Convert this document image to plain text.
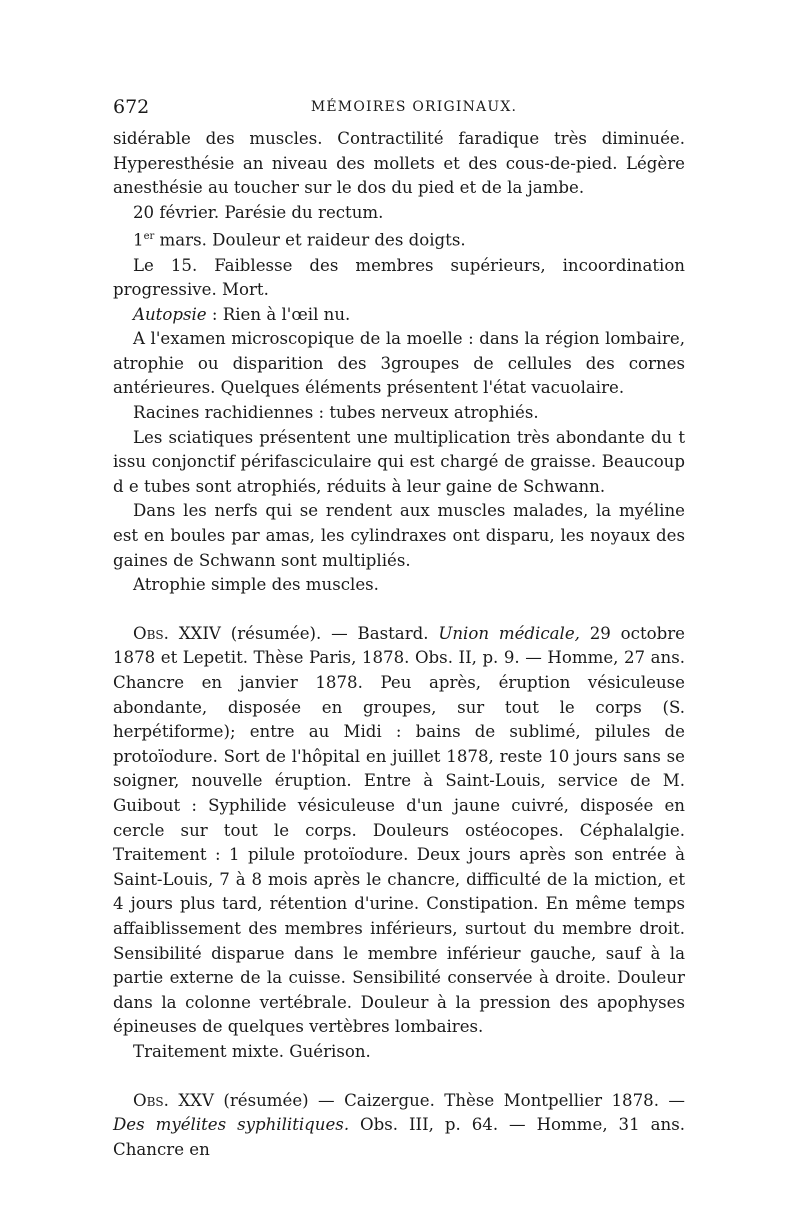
672	MÉMOIRES ORIGINAUX.

sidérable des muscles. Contractilité faradique très diminuée. Hyperesthésie an niveau des mollets et des cous-de-pied. Légère anesthésie au toucher sur le dos du pied et de la jambe.

20 février. Parésie du rectum.

1er mars. Douleur et raideur des doigts.

Le 15. Faiblesse des membres supérieurs, incoordination progressive. Mort.

Autopsie : Rien à l'œil nu.

A l'examen microscopique de la moelle : dans la région lombaire, atrophie ou disparition des 3groupes de cellules des cornes antérieures. Quelques éléments présentent l'état vacuolaire.

Racines rachidiennes : tubes nerveux atrophiés.

Les sciatiques présentent une multiplication très abondante du t issu conjonctif périfasciculaire qui est chargé de graisse. Beaucoup d e tubes sont atrophiés, réduits à leur gaine de Schwann.

Dans les nerfs qui se rendent aux muscles malades, la myéline est en boules par amas, les cylindraxes ont disparu, les noyaux des gaines de Schwann sont multipliés.

Atrophie simple des muscles.

Obs. XXIV (résumée). — Bastard. Union médicale, 29 octobre 1878 et Lepetit. Thèse Paris, 1878. Obs. II, p. 9. — Homme, 27 ans. Chancre en janvier 1878. Peu après, éruption vésiculeuse abondante, disposée en groupes, sur tout le corps (S. herpétiforme); entre au Midi : bains de sublimé, pilules de protoïodure. Sort de l'hôpital en juillet 1878, reste 10 jours sans se soigner, nouvelle éruption. Entre à Saint-Louis, service de M. Guibout : Syphilide vésiculeuse d'un jaune cuivré, disposée en cercle sur tout le corps. Douleurs ostéocopes. Céphalalgie. Traitement : 1 pilule protoïodure. Deux jours après son entrée à Saint-Louis, 7 à 8 mois après le chancre, difficulté de la miction, et 4 jours plus tard, rétention d'urine. Constipation. En même temps affaiblissement des membres inférieurs, surtout du membre droit. Sensibilité disparue dans le membre inférieur gauche, sauf à la partie externe de la cuisse. Sensibilité conservée à droite. Douleur dans la colonne vertébrale. Douleur à la pression des apophyses épineuses de quelques vertèbres lombaires.

Traitement mixte. Guérison.

Obs. XXV (résumée) — Caizergue. Thèse Montpellier 1878. — Des myélites syphilitiques. Obs. III, p. 64. — Homme, 31 ans. Chancre en
